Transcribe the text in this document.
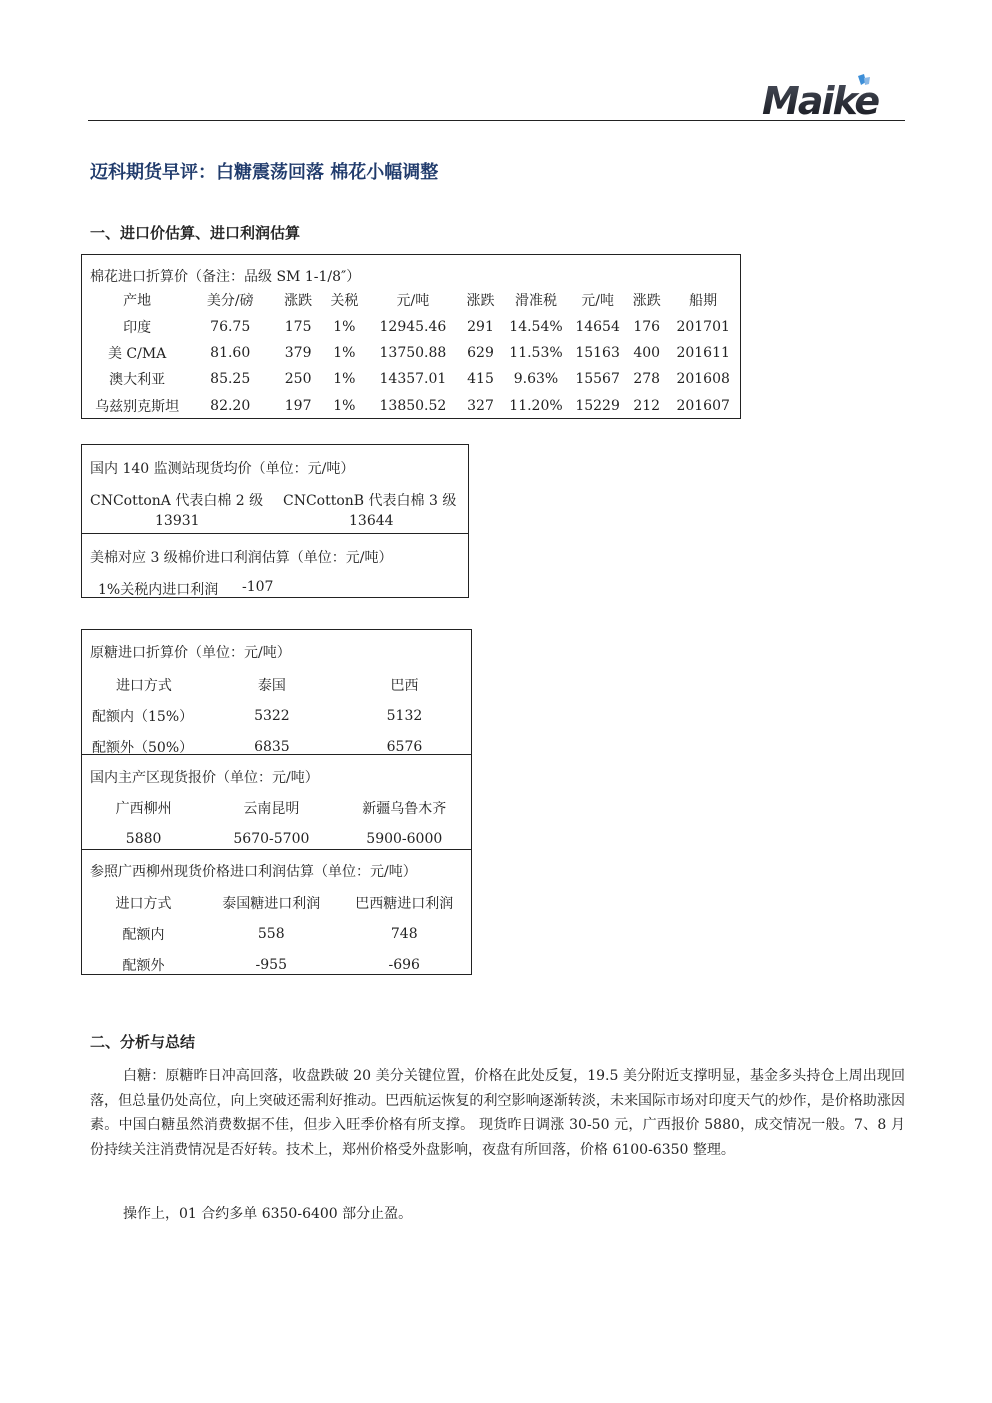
Maike
迈科期货早评：白糖震荡回落 棉花小幅调整
一、进口价估算、进口利润估算
棉花进口折算价（备注：品级 SM 1-1/8″）
产地	美分/磅	涨跌	关税	元/吨	涨跌	滑准税	元/吨	涨跌	船期
印度	76.75	175	1%	12945.46	291	14.54%	14654	176	201701
美 C/MA	81.60	379	1%	13750.88	629	11.53%	15163	400	201611
澳大利亚	85.25	250	1%	14357.01	415	9.63%	15567	278	201608
乌兹别克斯坦	82.20	197	1%	13850.52	327	11.20%	15229	212	201607
国内 140 监测站现货均价（单位：元/吨）
CNCottonA 代表白棉 2 级 CNCottonB 代表白棉 3 级
13931	13644
美棉对应 3 级棉价进口利润估算（单位：元/吨）
1%关税内进口利润 -107
原糖进口折算价（单位：元/吨）
进口方式	泰国	巴西
配额内（15%）	5322	5132
配额外（50%）	6835	6576
国内主产区现货报价（单位：元/吨）
广西柳州	云南昆明	新疆乌鲁木齐
5880	5670-5700	5900-6000
参照广西柳州现货价格进口利润估算（单位：元/吨）
进口方式	泰国糖进口利润	巴西糖进口利润
配额内	558	748
配额外	-955	-696
二、分析与总结
白糖：原糖昨日冲高回落，收盘跌破 20 美分关键位置，价格在此处反复，19.5 美分附近支撑明显，基金多头持仓上周出现回落，但总量仍处高位，向上突破还需利好推动。巴西航运恢复的利空影响逐渐转淡，未来国际市场对印度天气的炒作，是价格助涨因素。中国白糖虽然消费数据不佳，但步入旺季价格有所支撑。 现货昨日调涨 30-50 元，广西报价 5880，成交情况一般。7、8 月份持续关注消费情况是否好转。技术上，郑州价格受外盘影响，夜盘有所回落，价格 6100-6350 整理。
操作上，01 合约多单 6350-6400 部分止盈。
